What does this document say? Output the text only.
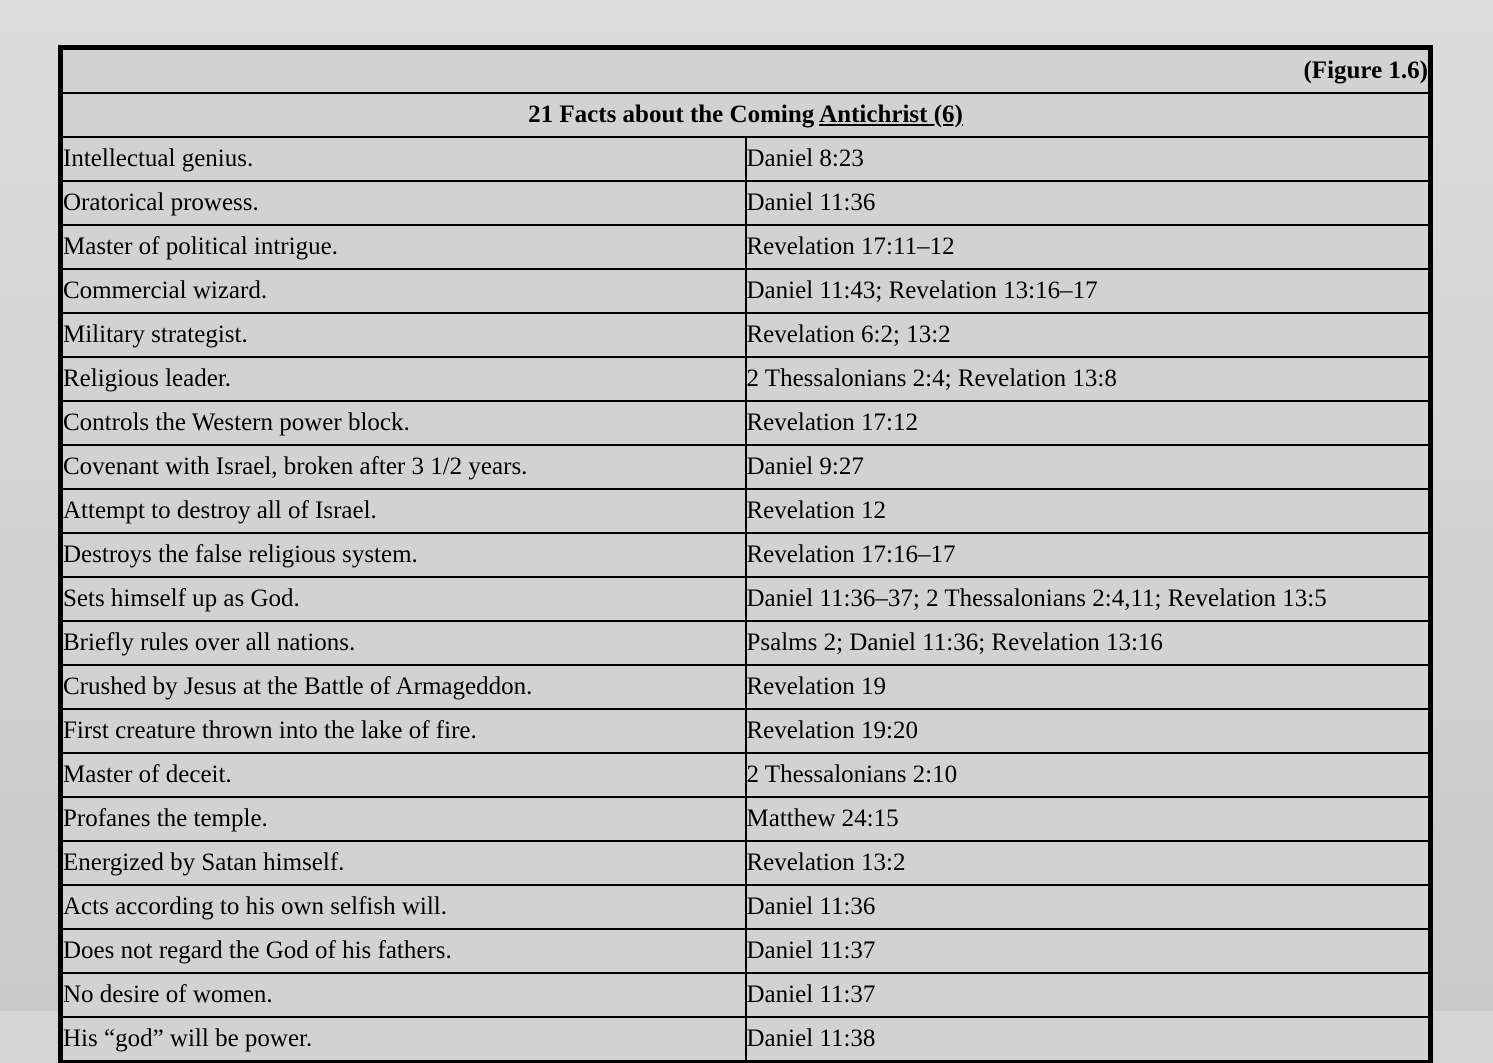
(Figure 1.6)	
21 Facts about the Coming Antichrist (6)	
Intellectual genius.	Daniel 8:23
Oratorical prowess.	Daniel 11:36
Master of political intrigue.	Revelation 17:11–12
Commercial wizard.	Daniel 11:43; Revelation 13:16–17
Military strategist.	Revelation 6:2; 13:2
Religious leader.	2 Thessalonians 2:4; Revelation 13:8
Controls the Western power block.	Revelation 17:12
Covenant with Israel, broken after 3 1/2 years.	Daniel 9:27
Attempt to destroy all of Israel.	Revelation 12
Destroys the false religious system.	Revelation 17:16–17
Sets himself up as God.	Daniel 11:36–37; 2 Thessalonians 2:4,11; Revelation 13:5
Briefly rules over all nations.	Psalms 2; Daniel 11:36; Revelation 13:16
Crushed by Jesus at the Battle of Armageddon.	Revelation 19
First creature thrown into the lake of fire.	Revelation 19:20
Master of deceit.	2 Thessalonians 2:10
Profanes the temple.	Matthew 24:15
Energized by Satan himself.	Revelation 13:2
Acts according to his own selfish will.	Daniel 11:36
Does not regard the God of his fathers.	Daniel 11:37
No desire of women.	Daniel 11:37
His “god” will be power.	Daniel 11:38
